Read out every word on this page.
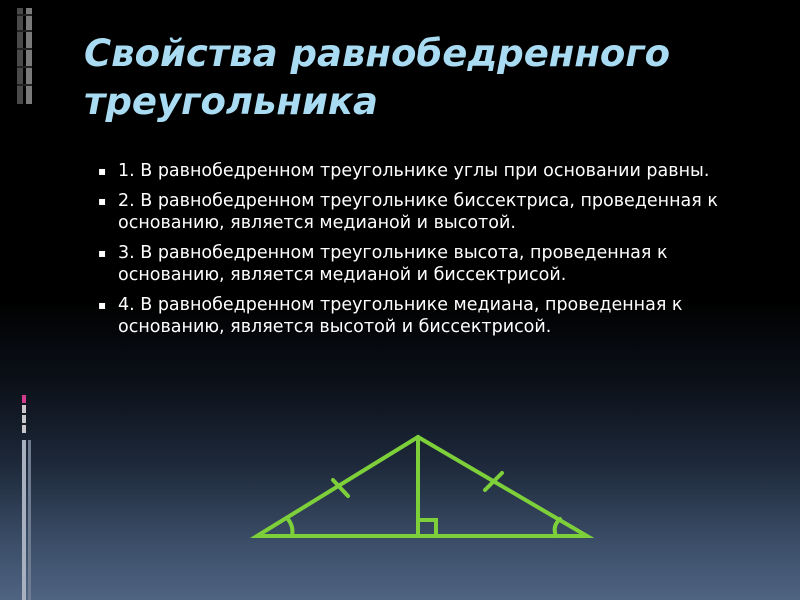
Свойства равнобедренного
треугольника
▪ 1. В равнобедренном треугольнике углы при основании равны.
▪ 2. В равнобедренном треугольнике биссектриса, проведенная к основанию, является медианой и высотой.
▪ 3. В равнобедренном треугольнике высота, проведенная к основанию, является медианой и биссектрисой.
▪ 4. В равнобедренном треугольнике медиана, проведенная к основанию, является высотой и биссектрисой.
